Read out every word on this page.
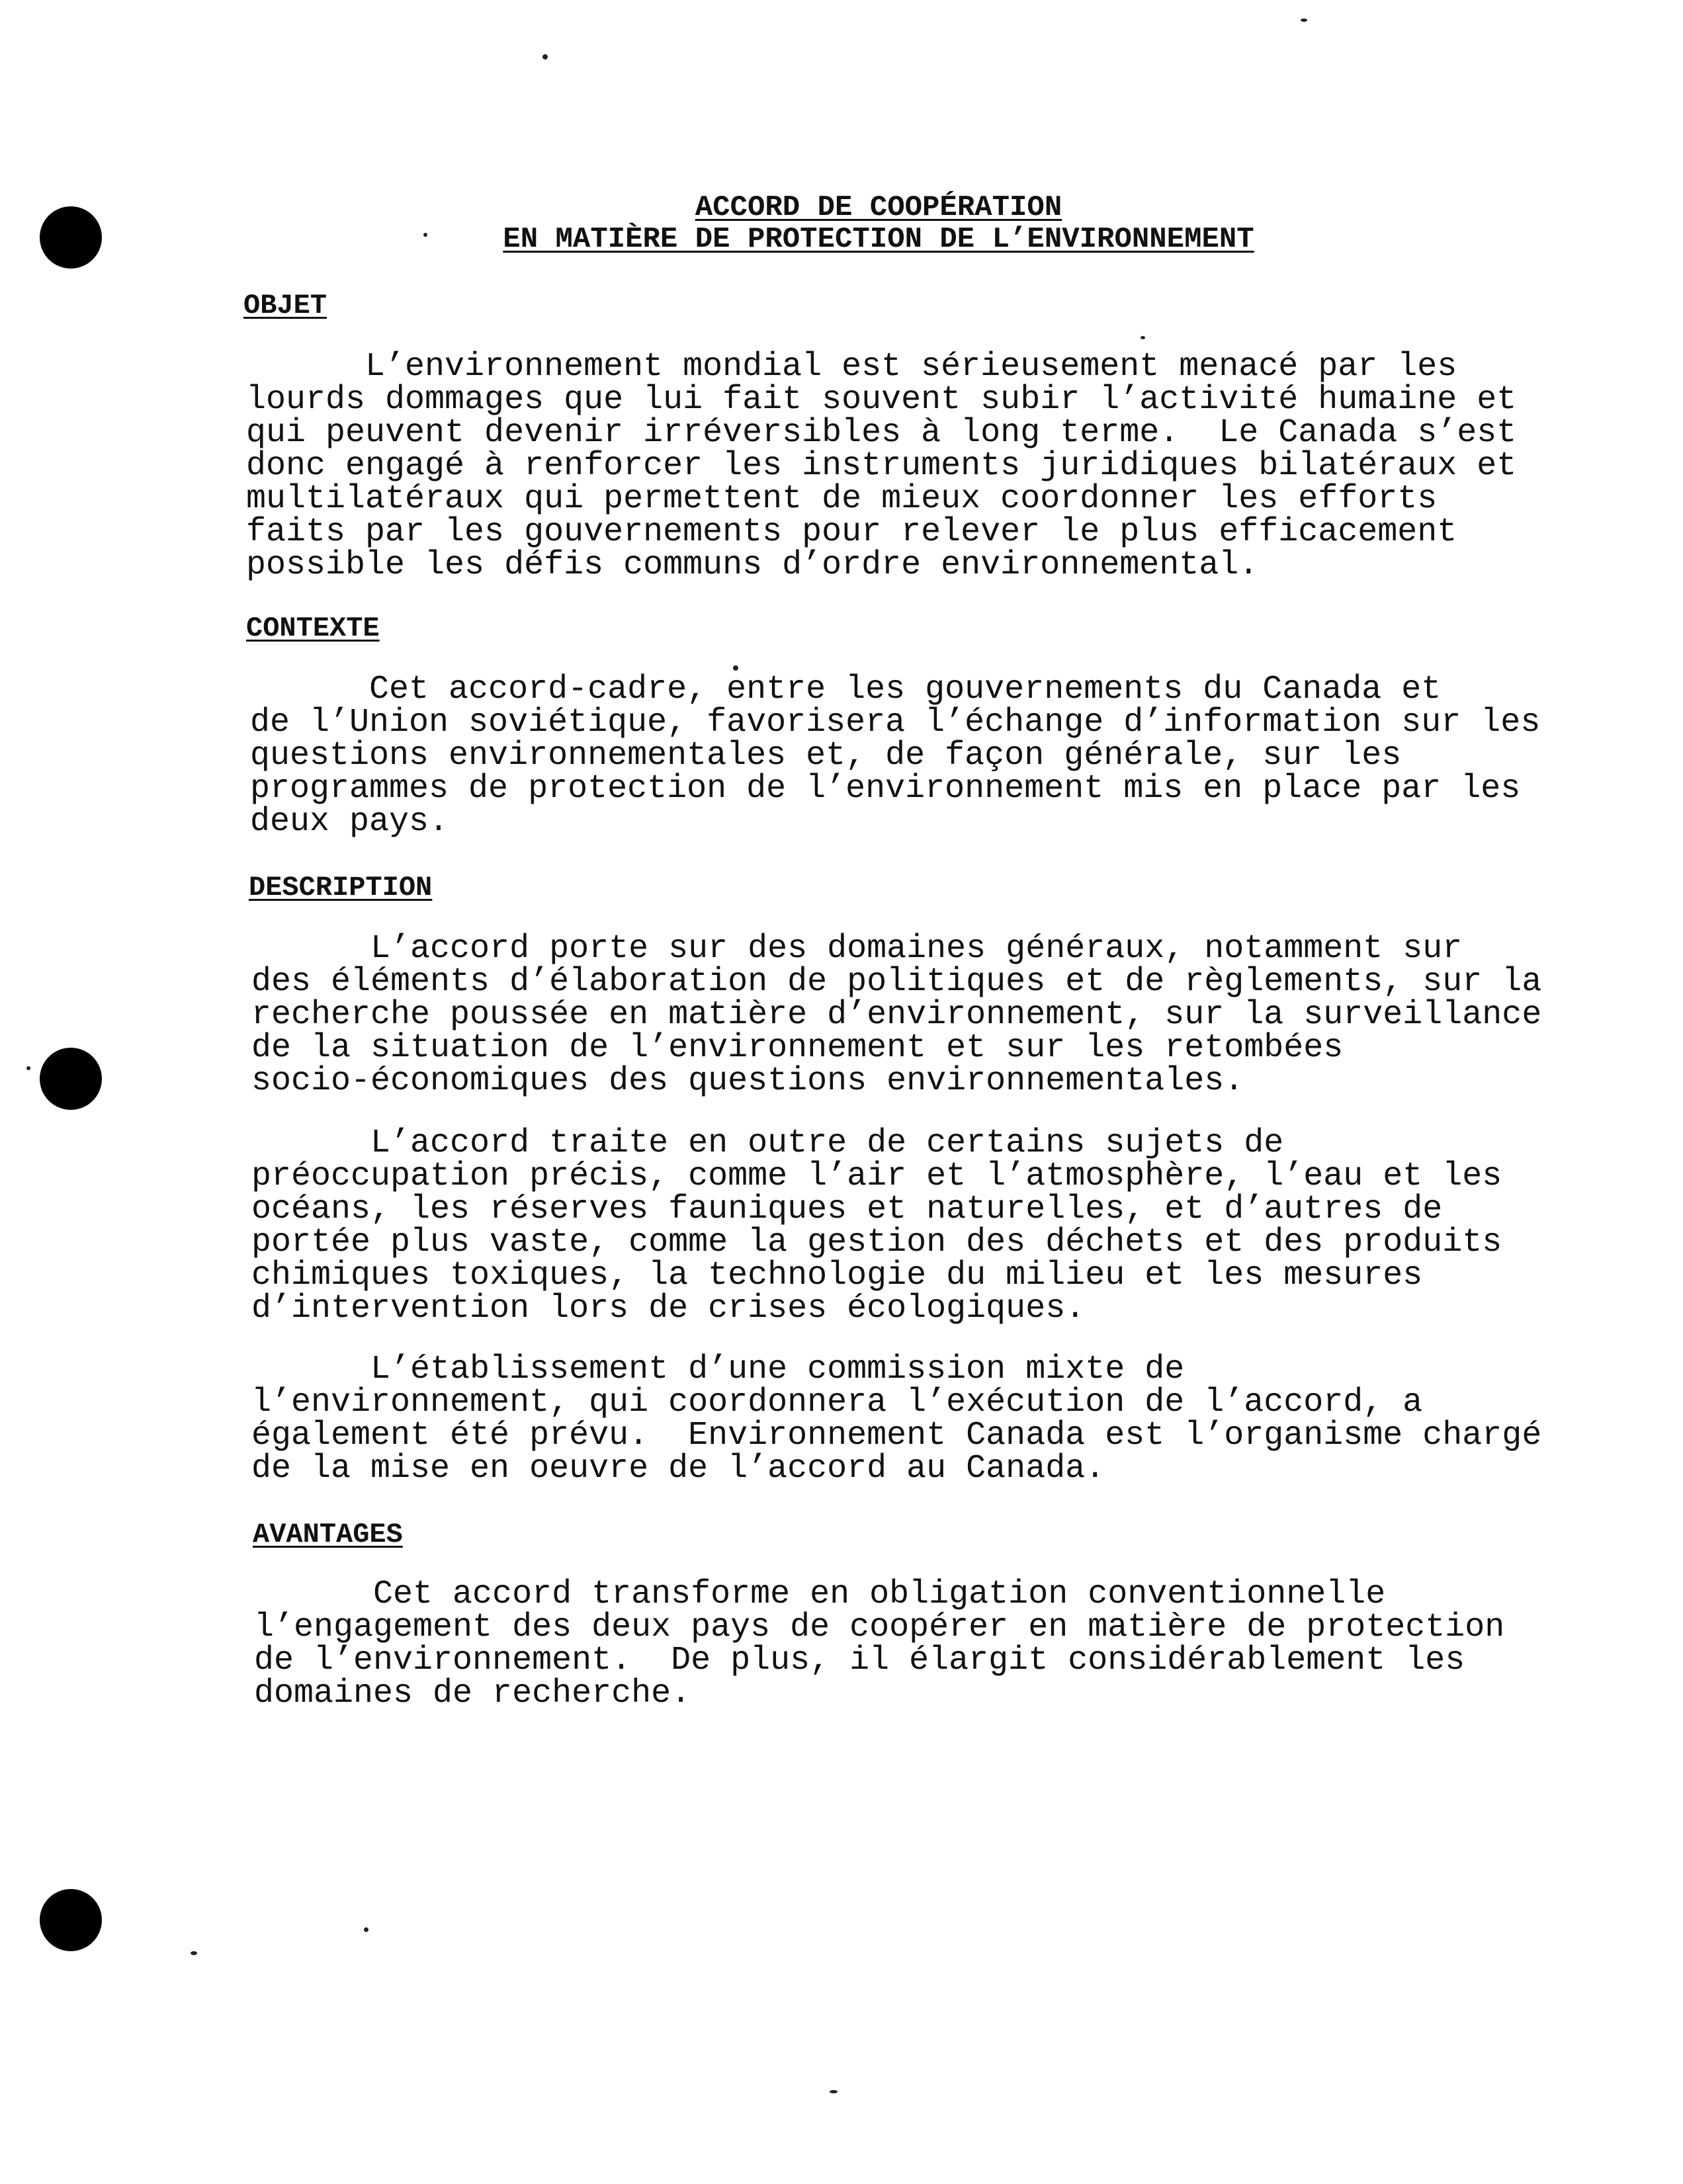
ACCORD DE COOPÉRATION
EN MATIÈRE DE PROTECTION DE L’ENVIRONNEMENT
OBJET
L’environnement mondial est sérieusement menacé par les
lourds dommages que lui fait souvent subir l’activité humaine et
qui peuvent devenir irréversibles à long terme.  Le Canada s’est
donc engagé à renforcer les instruments juridiques bilatéraux et
multilatéraux qui permettent de mieux coordonner les efforts
faits par les gouvernements pour relever le plus efficacement
possible les défis communs d’ordre environnemental.
CONTEXTE
Cet accord-cadre, entre les gouvernements du Canada et
de l’Union soviétique, favorisera l’échange d’information sur les
questions environnementales et, de façon générale, sur les
programmes de protection de l’environnement mis en place par les
deux pays.
DESCRIPTION
L’accord porte sur des domaines généraux, notamment sur
des éléments d’élaboration de politiques et de règlements, sur la
recherche poussée en matière d’environnement, sur la surveillance
de la situation de l’environnement et sur les retombées
socio-économiques des questions environnementales.
L’accord traite en outre de certains sujets de
préoccupation précis, comme l’air et l’atmosphère, l’eau et les
océans, les réserves fauniques et naturelles, et d’autres de
portée plus vaste, comme la gestion des déchets et des produits
chimiques toxiques, la technologie du milieu et les mesures
d’intervention lors de crises écologiques.
L’établissement d’une commission mixte de
l’environnement, qui coordonnera l’exécution de l’accord, a
également été prévu.  Environnement Canada est l’organisme chargé
de la mise en oeuvre de l’accord au Canada.
AVANTAGES
Cet accord transforme en obligation conventionnelle
l’engagement des deux pays de coopérer en matière de protection
de l’environnement.  De plus, il élargit considérablement les
domaines de recherche.
